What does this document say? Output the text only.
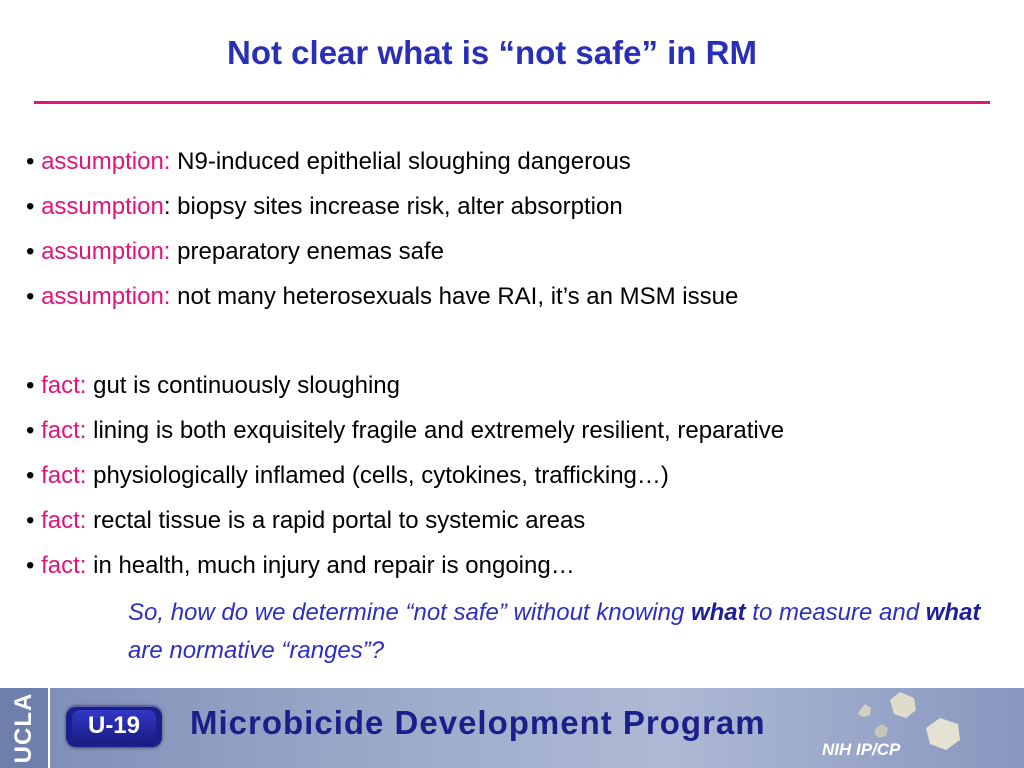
Not clear what is “not safe” in RM
• assumption: N9-induced epithelial sloughing dangerous
• assumption: biopsy sites increase risk, alter absorption
• assumption: preparatory enemas safe
• assumption: not many heterosexuals have RAI, it’s an MSM issue
• fact: gut is continuously sloughing
• fact: lining is both exquisitely fragile and extremely resilient, reparative
• fact: physiologically inflamed (cells, cytokines, trafficking…)
• fact: rectal tissue is a rapid portal to systemic areas
• fact: in health, much injury and repair is ongoing…
So, how do we determine “not safe” without knowing what to measure and what are normative “ranges”?
UCLA	U-19	Microbicide Development Program
NIH IP/CP
